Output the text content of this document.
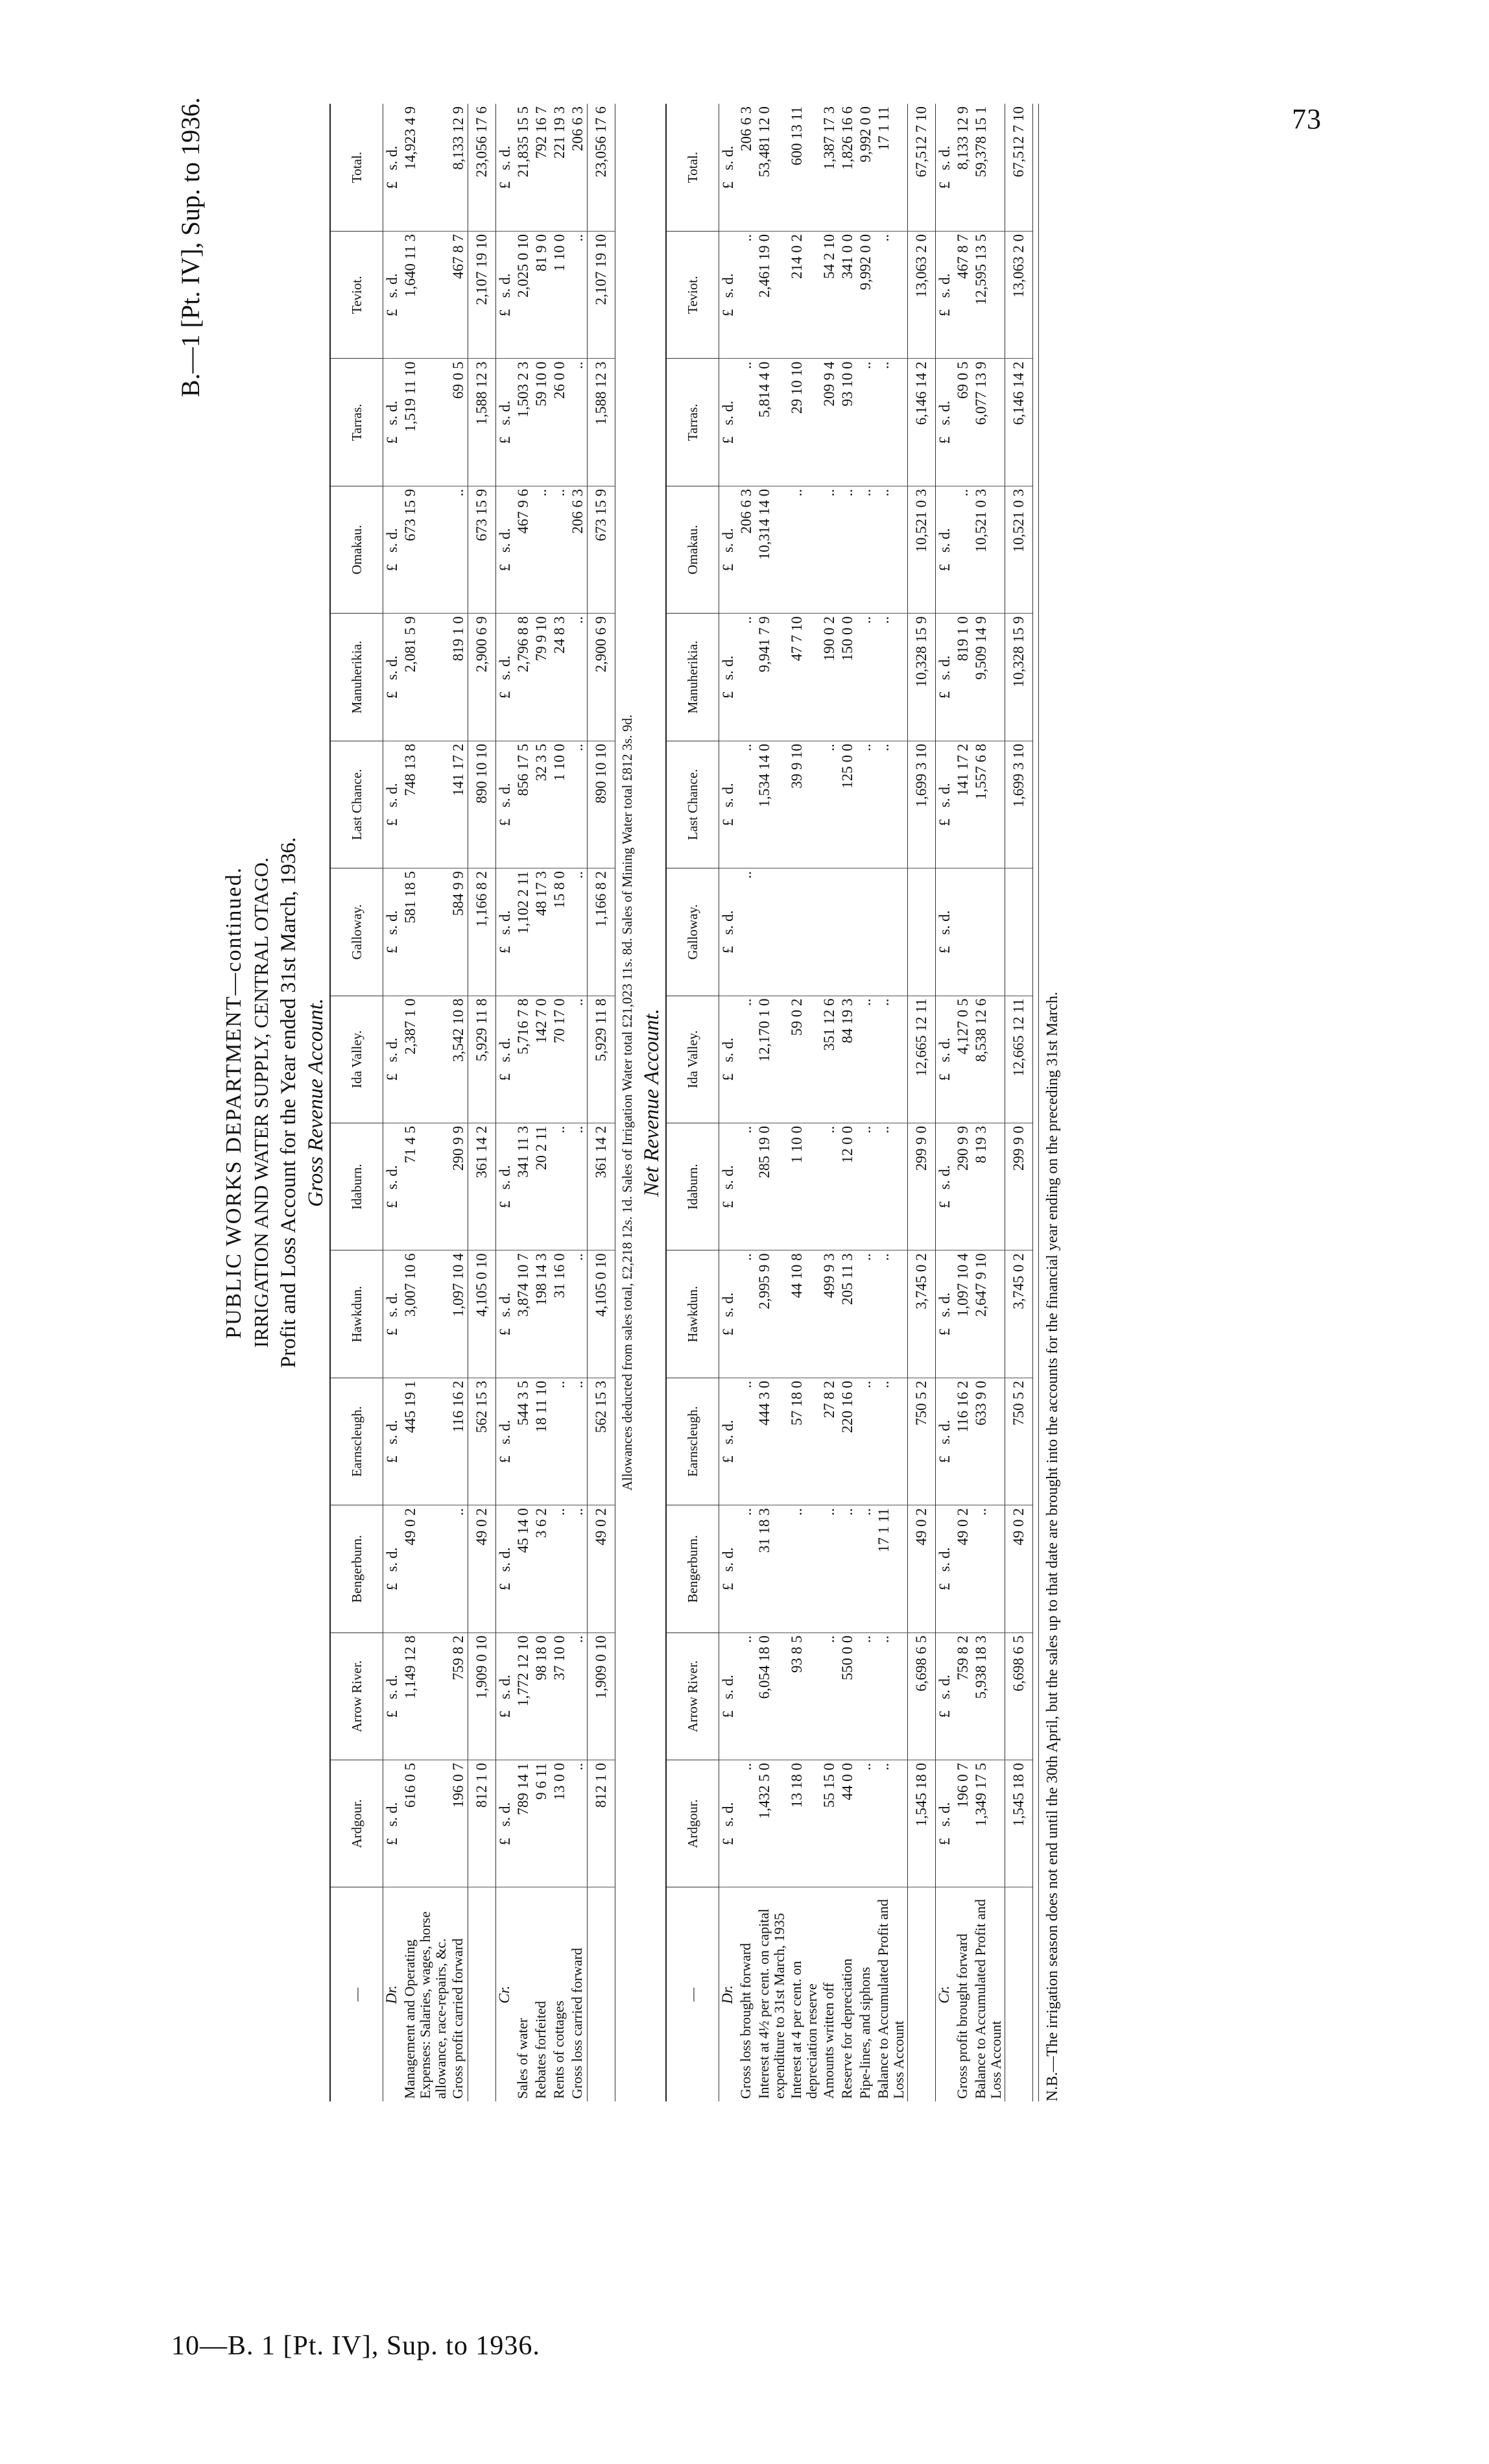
73
10—B. 1 [Pt. IV], Sup. to 1936.
B.—1 [Pt. IV], Sup. to 1936.
PUBLIC WORKS DEPARTMENT—continued. IRRIGATION AND WATER SUPPLY, CENTRAL OTAGO. Profit and Loss Account for the Year ended 31st March, 1936. Gross Revenue Account.
—	Ardgour.	Arrow River.	Bengerburn.	Earnscleugh.	Hawkdun.	Idaburn.	Ida Valley.	Galloway.	Last Chance.	Manuherikia.	Omakau.	Tarras.	Teviot.	Total.
Dr.	£   s. d.	£   s. d.	£   s. d.	£   s. d.	£   s. d.	£   s. d.	£   s. d.	£   s. d.	£   s. d.	£   s. d.	£   s. d.	£   s. d.	£   s. d.	£   s. d.
Management and Operating Expenses: Salaries, wages, horse allowance, race-repairs, &c.	616 0 5	1,149 12 8	49 0 2	445 19 1	3,007 10 6	71 4 5	2,387 1 0	581 18 5	748 13 8	2,081 5 9	673 15 9	1,519 11 10	1,640 11 3	14,923 4 9
Gross profit carried forward	196 0 7	759 8 2	..	116 16 2	1,097 10 4	290 9 9	3,542 10 8	584 9 9	141 17 2	819 1 0	..	69 0 5	467 8 7	8,133 12 9
	812 1 0	1,909 0 10	49 0 2	562 15 3	4,105 0 10	361 14 2	5,929 11 8	1,166 8 2	890 10 10	2,900 6 9	673 15 9	1,588 12 3	2,107 19 10	23,056 17 6
Cr.	£   s. d.	£   s. d.	£   s. d.	£   s. d.	£   s. d.	£   s. d.	£   s. d.	£   s. d.	£   s. d.	£   s. d.	£   s. d.	£   s. d.	£   s. d.	£   s. d.
Sales of water	789 14 1	1,772 12 10	45 14 0	544 3 5	3,874 10 7	341 11 3	5,716 7 8	1,102 2 11	856 17 5	2,796 8 8	467 9 6	1,503 2 3	2,025 0 10	21,835 15 5
Rebates forfeited	9 6 11	98 18 0	3 6 2	18 11 10	198 14 3	20 2 11	142 7 0	48 17 3	32 3 5	79 9 10	..	59 10 0	81 9 0	792 16 7
Rents of cottages	13 0 0	37 10 0	..	..	31 16 0	..	70 17 0	15 8 0	1 10 0	24 8 3	..	26 0 0	1 10 0	221 19 3
Gross loss carried forward	..	..	..	..	..	..	..	..	..	..	206 6 3	..	..	206 6 3
	812 1 0	1,909 0 10	49 0 2	562 15 3	4,105 0 10	361 14 2	5,929 11 8	1,166 8 2	890 10 10	2,900 6 9	673 15 9	1,588 12 3	2,107 19 10	23,056 17 6
Allowances deducted from sales total, £2,218 12s. 1d. Sales of Irrigation Water total £21,023 11s. 8d. Sales of Mining Water total £812 3s. 9d. Net Revenue Account.
—	Ardgour.	Arrow River.	Bengerburn.	Earnscleugh.	Hawkdun.	Idaburn.	Ida Valley.	Galloway.	Last Chance.	Manuherikia.	Omakau.	Tarras.	Teviot.	Total.
Dr.	£   s. d.	£   s. d.	£   s. d.	£   s. d.	£   s. d.	£   s. d.	£   s. d.	£   s. d.	£   s. d.	£   s. d.	£   s. d.	£   s. d.	£   s. d.	£   s. d.
Gross loss brought forward	..	..	..	..	..	..	..	..	..	..	206 6 3	..	..	206 6 3
Interest at 4½ per cent. on capital expenditure to 31st March, 1935	1,432 5 0	6,054 18 0	31 18 3	444 3 0	2,995 9 0	285 19 0	12,170 1 0		1,534 14 0	9,941 7 9	10,314 14 0	5,814 4 0	2,461 19 0	53,481 12 0
Interest at 4 per cent. on depreciation reserve	13 18 0	93 8 5	..	57 18 0	44 10 8	1 10 0	59 0 2		39 9 10	47 7 10	..	29 10 10	214 0 2	600 13 11
Amounts written off	55 15 0	..	..	27 8 2	499 9 3	..	351 12 6		..	190 0 2	..	209 9 4	54 2 10	1,387 17 3
Reserve for depreciation	44 0 0	550 0 0	..	220 16 0	205 11 3	12 0 0	84 19 3		125 0 0	150 0 0	..	93 10 0	341 0 0	1,826 16 6
Pipe-lines, and siphons	..	..	..	..	..	..	..		..	..	..	..	9,992 0 0	9,992 0 0
Balance to Accumulated Profit and Loss Account	..	..	17 1 11	..	..	..	..		..	..	..	..	..	17 1 11
	1,545 18 0	6,698 6 5	49 0 2	750 5 2	3,745 0 2	299 9 0	12,665 12 11		1,699 3 10	10,328 15 9	10,521 0 3	6,146 14 2	13,063 2 0	67,512 7 10
Cr.	£   s. d.	£   s. d.	£   s. d.	£   s. d.	£   s. d.	£   s. d.	£   s. d.	£   s. d.	£   s. d.	£   s. d.	£   s. d.	£   s. d.	£   s. d.	£   s. d.
Gross profit brought forward	196 0 7	759 8 2	49 0 2	116 16 2	1,097 10 4	290 9 9	4,127 0 5		141 17 2	819 1 0	..	69 0 5	467 8 7	8,133 12 9
Balance to Accumulated Profit and Loss Account	1,349 17 5	5,938 18 3	..	633 9 0	2,647 9 10	8 19 3	8,538 12 6		1,557 6 8	9,509 14 9	10,521 0 3	6,077 13 9	12,595 13 5	59,378 15 1
	1,545 18 0	6,698 6 5	49 0 2	750 5 2	3,745 0 2	299 9 0	12,665 12 11		1,699 3 10	10,328 15 9	10,521 0 3	6,146 14 2	13,063 2 0	67,512 7 10
N.B.—The irrigation season does not end until the 30th April, but the sales up to that date are brought into the accounts for the financial year ending on the preceding 31st March.
